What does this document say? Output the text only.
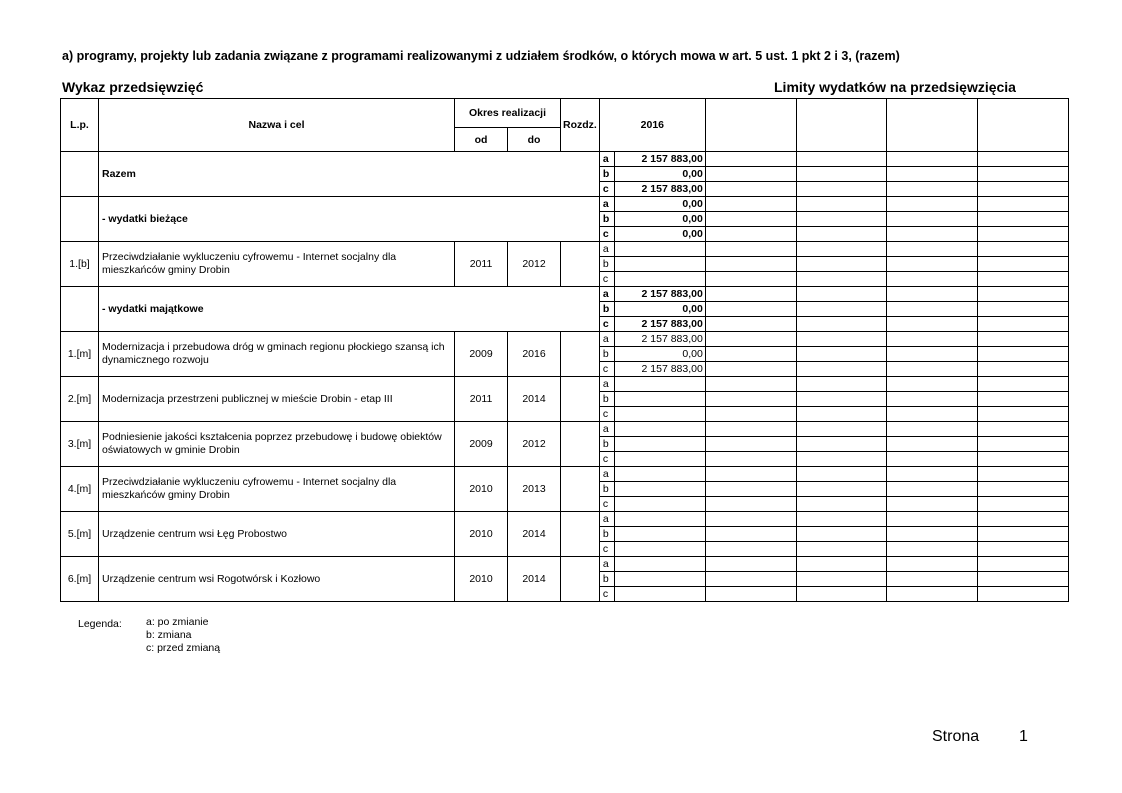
a) programy, projekty lub zadania związane z programami realizowanymi z udziałem środków, o których mowa w art. 5 ust. 1 pkt 2 i 3, (razem)
Wykaz przedsięwzięć	Limity wydatków na przedsięwzięcia
L.p.	Nazwa i cel	Okres realizacji		Rozdz.	2016					
		od	do							
	Razem				a	2 157 883,00				
					b	0,00				
					c	2 157 883,00				
	- wydatki bieżące				a	0,00				
					b	0,00				
					c	0,00				
1.[b]	Przeciwdziałanie wykluczeniu cyfrowemu - Internet socjalny dla mieszkańców gminy Drobin	2011	2012		a					
					b					
					c					
	- wydatki majątkowe				a	2 157 883,00				
					b	0,00				
					c	2 157 883,00				
1.[m]	Modernizacja i przebudowa dróg w gminach regionu płockiego szansą ich dynamicznego rozwoju	2009	2016		a	2 157 883,00				
					b	0,00				
					c	2 157 883,00				
2.[m]	Modernizacja przestrzeni publicznej w mieście Drobin - etap III	2011	2014		a					
					b					
					c					
3.[m]	Podniesienie jakości kształcenia poprzez przebudowę i budowę obiektów oświatowych w gminie Drobin	2009	2012		a					
					b					
					c					
4.[m]	Przeciwdziałanie wykluczeniu cyfrowemu - Internet socjalny dla mieszkańców gminy Drobin	2010	2013		a					
					b					
					c					
5.[m]	Urządzenie centrum wsi Łęg Probostwo	2010	2014		a					
					b					
					c					
6.[m]	Urządzenie centrum wsi Rogotwórsk i Kozłowo	2010	2014		a					
					b					
					c					
Legenda: a: po zmianie
b: zmiana
c: przed zmianą
Strona 1
